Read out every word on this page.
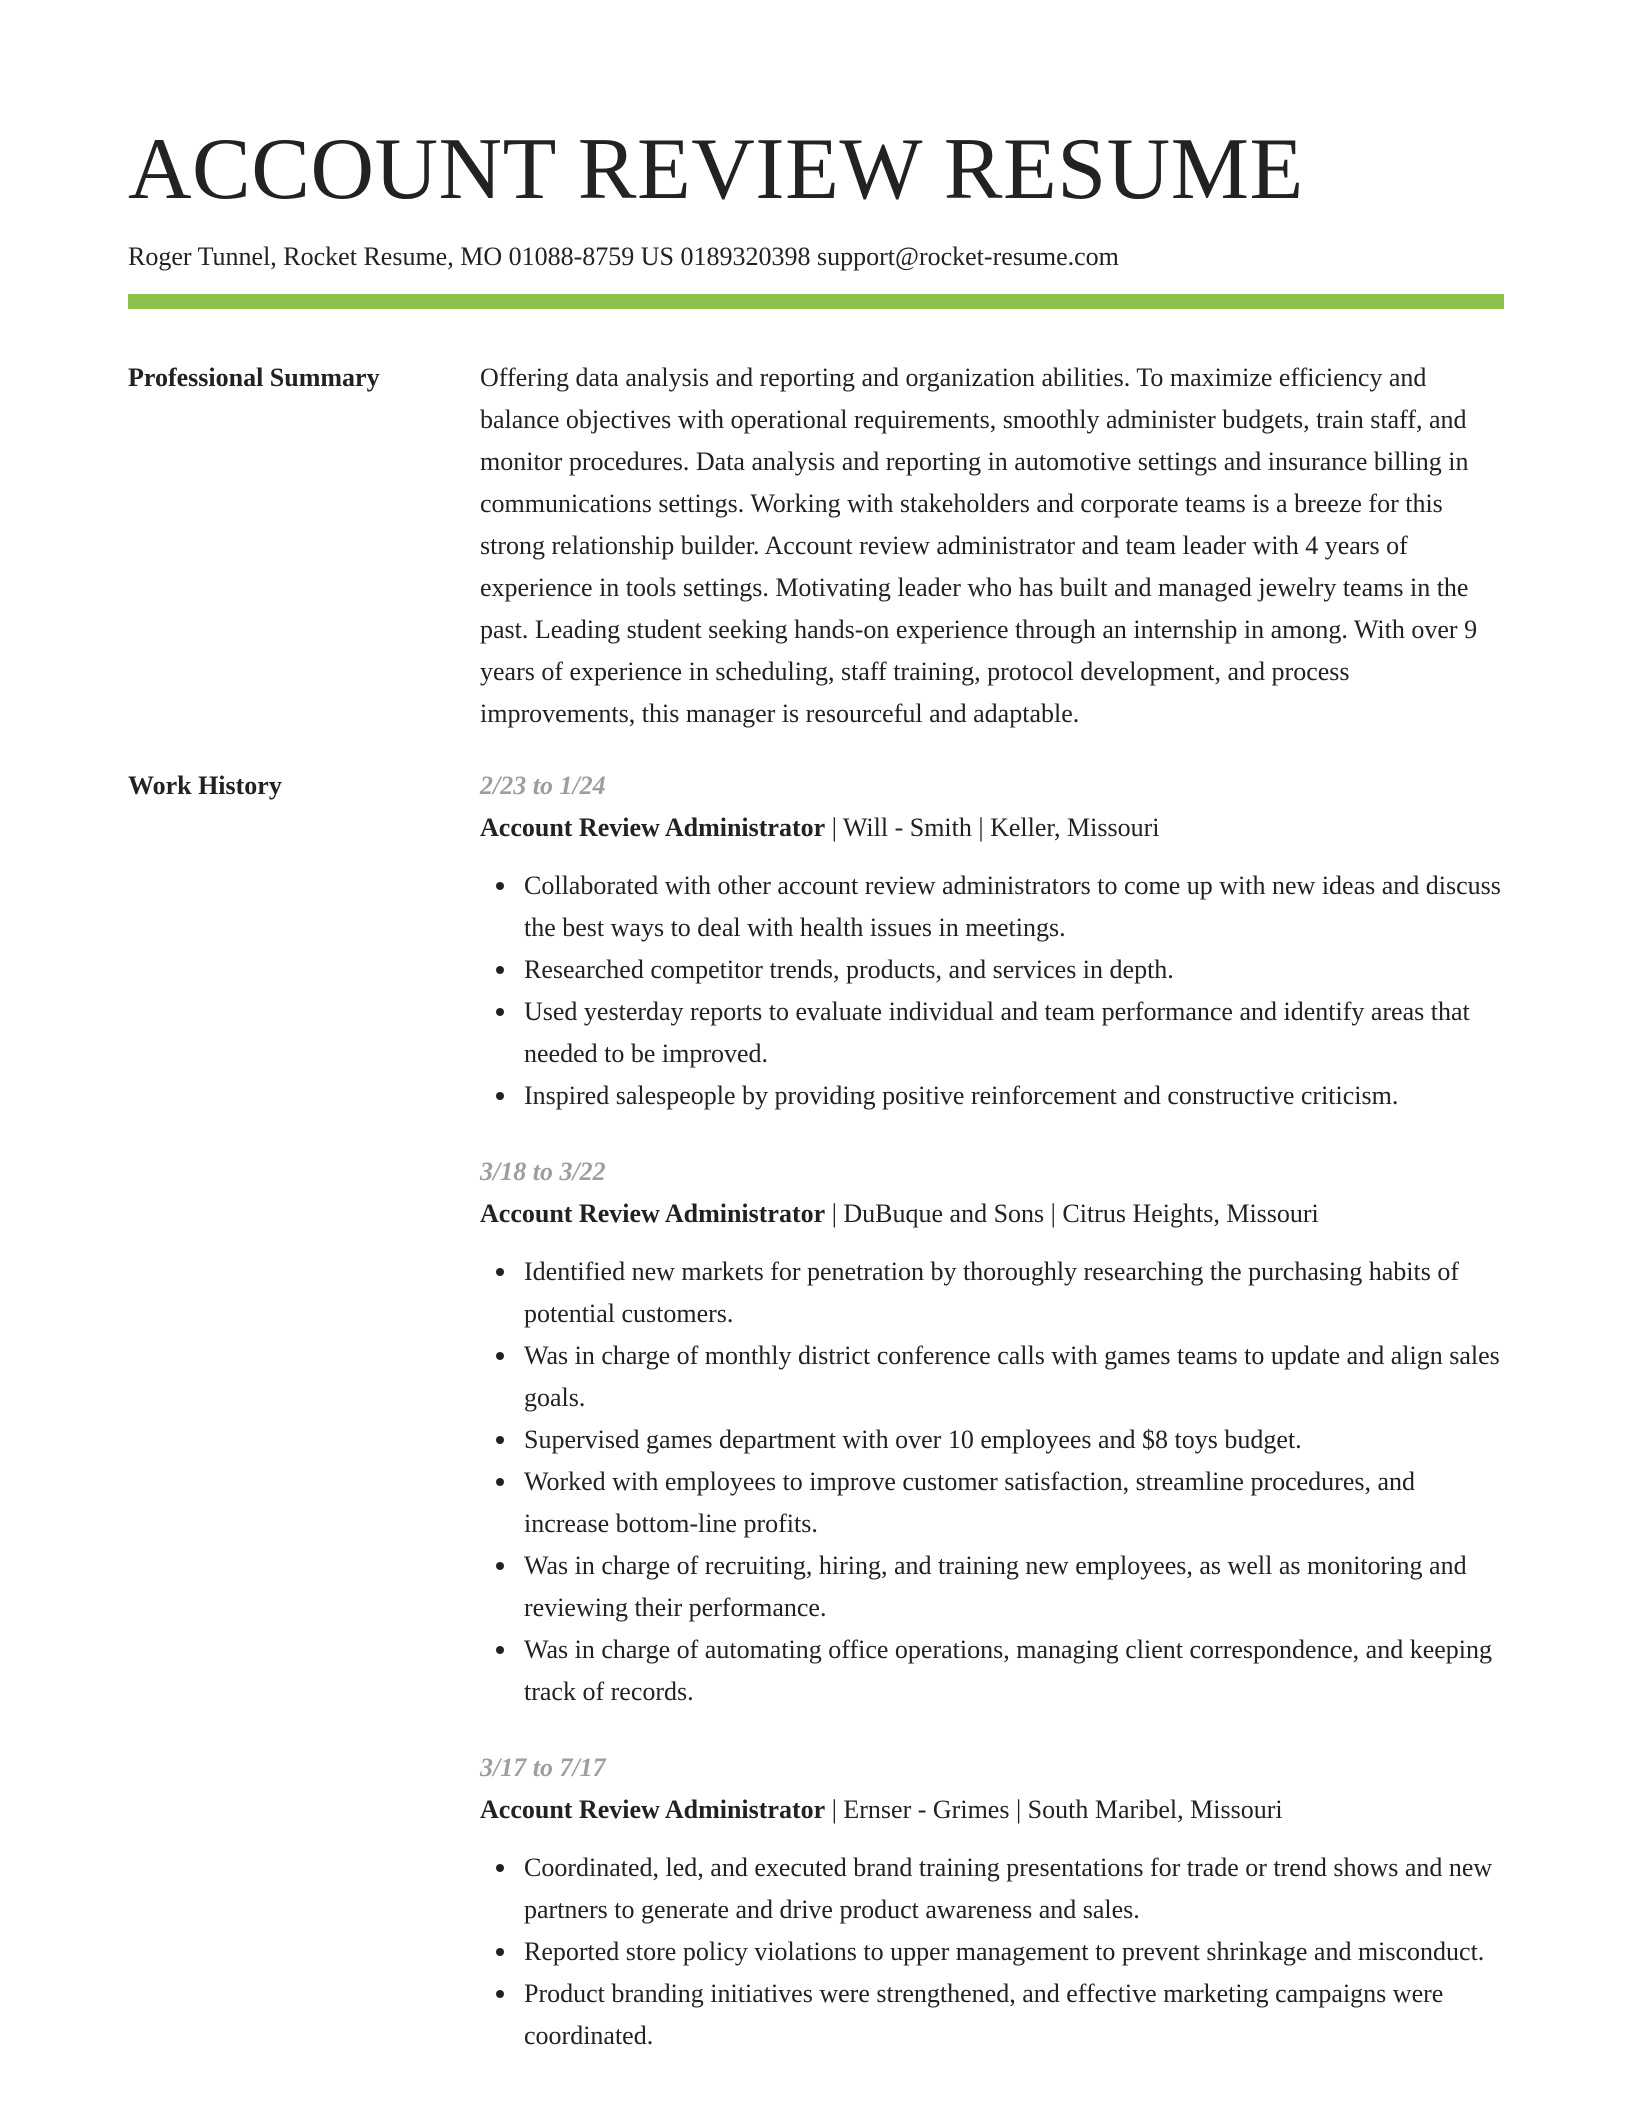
ACCOUNT REVIEW RESUME
Roger Tunnel, Rocket Resume, MO 01088-8759 US 0189320398 support@rocket-resume.com
Professional Summary	Offering data analysis and reporting and organization abilities. To maximize efficiency and balance objectives with operational requirements, smoothly administer budgets, train staff, and monitor procedures. Data analysis and reporting in automotive settings and insurance billing in communications settings. Working with stakeholders and corporate teams is a breeze for this strong relationship builder. Account review administrator and team leader with 4 years of experience in tools settings. Motivating leader who has built and managed jewelry teams in the past. Leading student seeking hands-on experience through an internship in among. With over 9 years of experience in scheduling, staff training, protocol development, and process improvements, this manager is resourceful and adaptable.

Work History	2/23 to 1/24
Account Review Administrator | Will - Smith | Keller, Missouri
Collaborated with other account review administrators to come up with new ideas and discuss the best ways to deal with health issues in meetings.
Researched competitor trends, products, and services in depth.
Used yesterday reports to evaluate individual and team performance and identify areas that needed to be improved.
Inspired salespeople by providing positive reinforcement and constructive criticism.
3/18 to 3/22
Account Review Administrator | DuBuque and Sons | Citrus Heights, Missouri
Identified new markets for penetration by thoroughly researching the purchasing habits of potential customers.
Was in charge of monthly district conference calls with games teams to update and align sales goals.
Supervised games department with over 10 employees and $8 toys budget.
Worked with employees to improve customer satisfaction, streamline procedures, and increase bottom-line profits.
Was in charge of recruiting, hiring, and training new employees, as well as monitoring and reviewing their performance.
Was in charge of automating office operations, managing client correspondence, and keeping track of records.
3/17 to 7/17
Account Review Administrator | Ernser - Grimes | South Maribel, Missouri
Coordinated, led, and executed brand training presentations for trade or trend shows and new partners to generate and drive product awareness and sales.
Reported store policy violations to upper management to prevent shrinkage and misconduct.
Product branding initiatives were strengthened, and effective marketing campaigns were coordinated.
